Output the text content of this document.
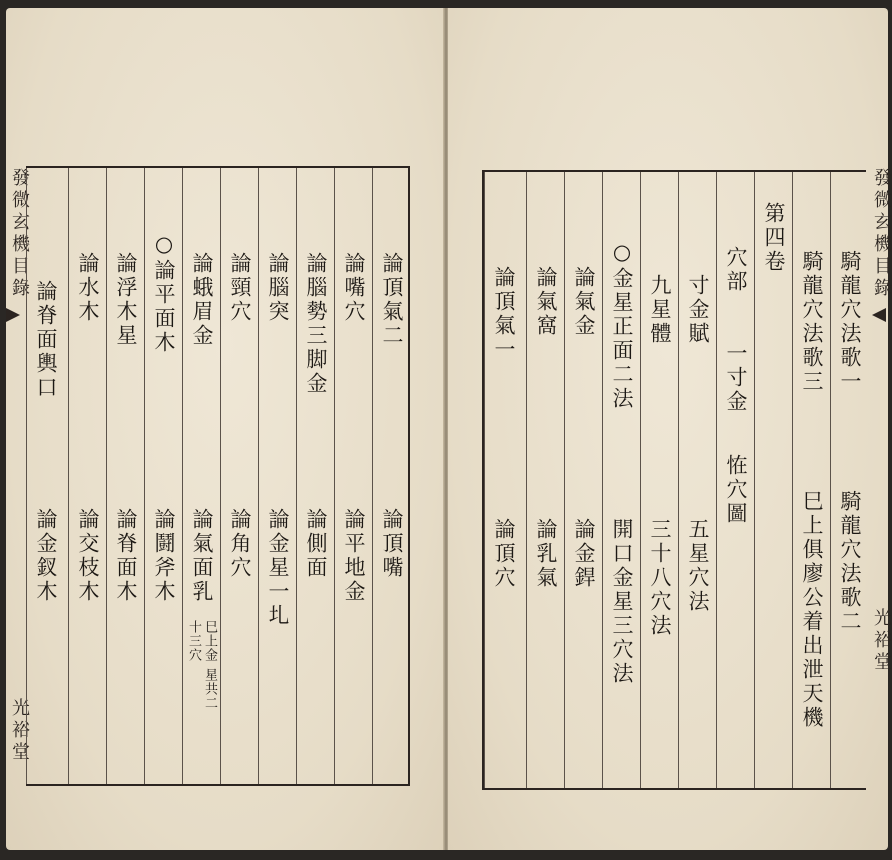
發微玄機目錄
光裕堂
論頂氣二
論頂嘴
論嘴穴
論平地金
論腦勢三脚金
論側面
論腦突
論金星一圠
論頸穴
論角穴
論蛾眉金
論氣面乳
巳上金
星共二
十三穴
○論平面木
論鬪斧木
論浮木星
論脊面木
論水木
論交枝木
論脊面輿口
論金釵木
騎龍穴法歌一
騎龍穴法歌二
騎龍穴法歌三
巳上俱廖公着出泄天機
第四卷
穴部
一寸金
恠穴圖
寸金賦
五星穴法
九星體
三十八穴法
○金星正面二法
開口金星三穴法
論氣金
論金銲
論氣窩
論乳氣
論頂氣一
論頂穴
發微玄機目錄
光裕堂
